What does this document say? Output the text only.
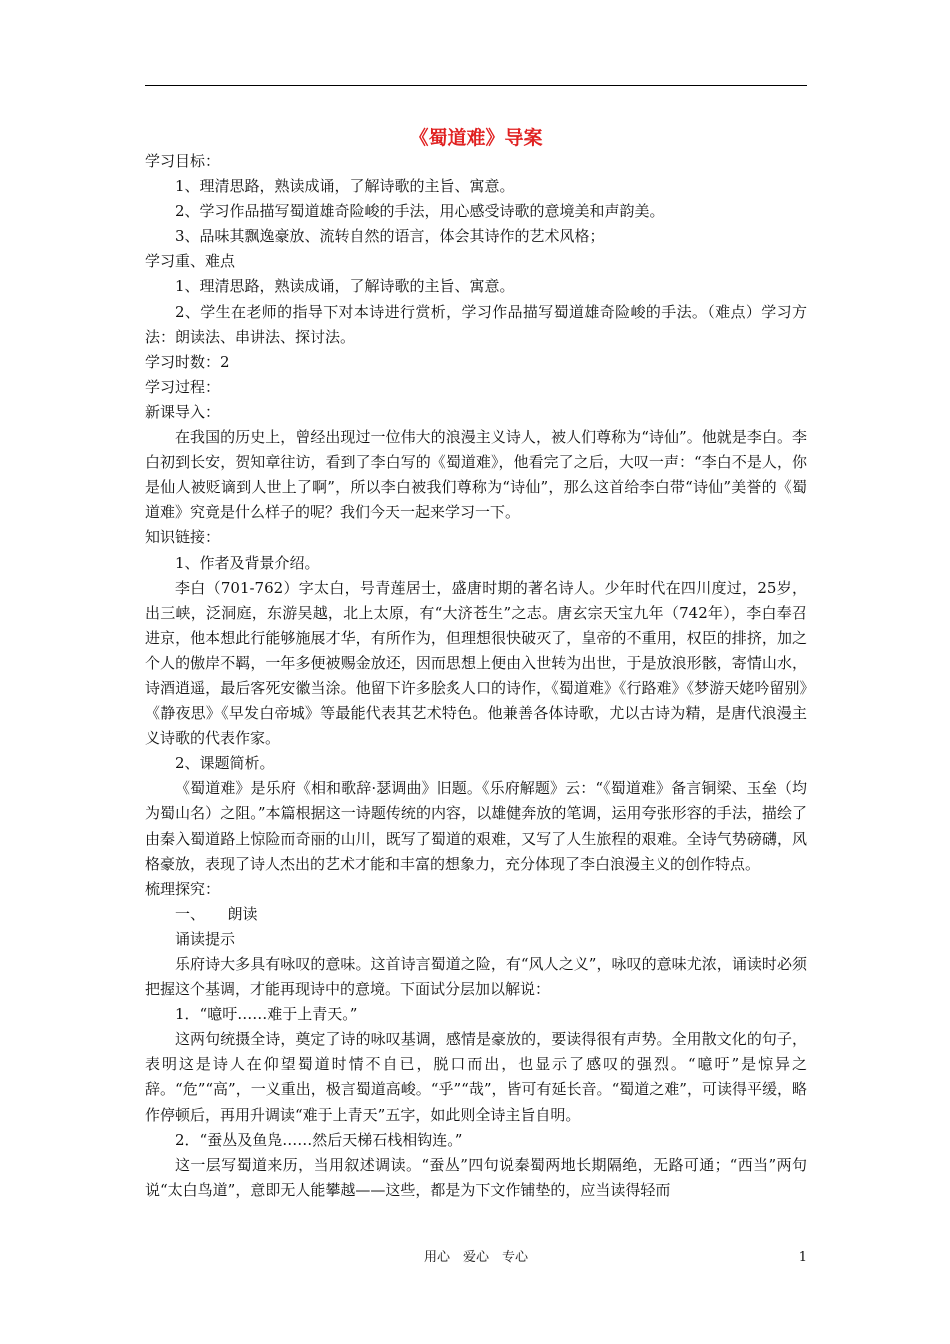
《蜀道难》导案

学习目标：

1、理清思路，熟读成诵，了解诗歌的主旨、寓意。

2、学习作品描写蜀道雄奇险峻的手法，用心感受诗歌的意境美和声韵美。

3、品味其飘逸豪放、流转自然的语言，体会其诗作的艺术风格；

学习重、难点

1、理清思路，熟读成诵，了解诗歌的主旨、寓意。

2、学生在老师的指导下对本诗进行赏析，学习作品描写蜀道雄奇险峻的手法。（难点）学习方法：朗读法、串讲法、探讨法。

学习时数：2

学习过程：

新课导入：

在我国的历史上，曾经出现过一位伟大的浪漫主义诗人，被人们尊称为“诗仙”。他就是李白。李白初到长安，贺知章往访，看到了李白写的《蜀道难》，他看完了之后，大叹一声：“李白不是人，你是仙人被贬谪到人世上了啊”，所以李白被我们尊称为“诗仙”，那么这首给李白带“诗仙”美誉的《蜀道难》究竟是什么样子的呢？我们今天一起来学习一下。

知识链接：

1、作者及背景介绍。

李白（701-762）字太白，号青莲居士，盛唐时期的著名诗人。少年时代在四川度过，25岁，出三峡，泛洞庭，东游吴越，北上太原，有“大济苍生”之志。唐玄宗天宝九年（742年），李白奉召进京，他本想此行能够施展才华，有所作为，但理想很快破灭了，皇帝的不重用，权臣的排挤，加之个人的傲岸不羁，一年多便被赐金放还，因而思想上便由入世转为出世，于是放浪形骸，寄情山水，诗酒逍遥，最后客死安徽当涂。他留下许多脍炙人口的诗作，《蜀道难》《行路难》《梦游天姥吟留别》《静夜思》《早发白帝城》等最能代表其艺术特色。他兼善各体诗歌，尤以古诗为精，是唐代浪漫主义诗歌的代表作家。

2、课题简析。

《蜀道难》是乐府《相和歌辞·瑟调曲》旧题。《乐府解题》云：“《蜀道难》备言铜梁、玉垒（均为蜀山名）之阻。”本篇根据这一诗题传统的内容，以雄健奔放的笔调，运用夸张形容的手法，描绘了由秦入蜀道路上惊险而奇丽的山川，既写了蜀道的艰难，又写了人生旅程的艰难。全诗气势磅礴，风格豪放，表现了诗人杰出的艺术才能和丰富的想象力，充分体现了李白浪漫主义的创作特点。

梳理探究：

一、　　朗读

诵读提示

乐府诗大多具有咏叹的意味。这首诗言蜀道之险，有“风人之义”，咏叹的意味尤浓，诵读时必须把握这个基调，才能再现诗中的意境。下面试分层加以解说：

1．“噫吁……难于上青天。”

这两句统摄全诗，奠定了诗的咏叹基调，感情是豪放的，要读得很有声势。全用散文化的句子，表明这是诗人在仰望蜀道时情不自已，脱口而出，也显示了感叹的强烈。“噫吁”是惊异之辞。“危”“高”，一义重出，极言蜀道高峻。“乎”“哉”，皆可有延长音。“蜀道之难”，可读得平缓，略作停顿后，再用升调读“难于上青天”五字，如此则全诗主旨自明。

2．“蚕丛及鱼凫……然后天梯石栈相钩连。”

这一层写蜀道来历，当用叙述调读。“蚕丛”四句说秦蜀两地长期隔绝，无路可通；“西当”两句说“太白鸟道”，意即无人能攀越——这些，都是为下文作铺垫的，应当读得轻而

用心　爱心　专心	1
